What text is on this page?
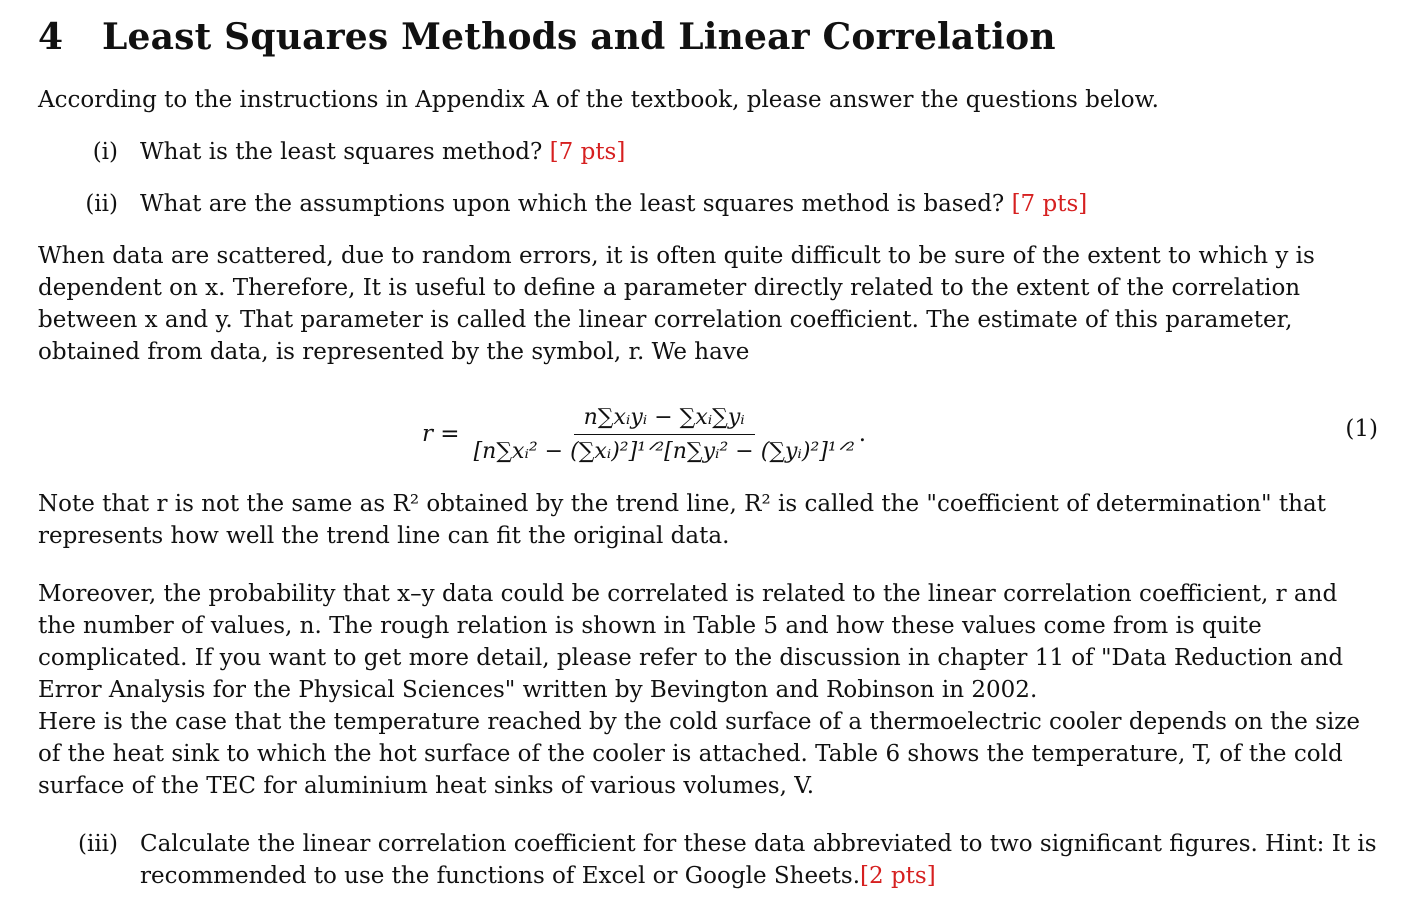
4 Least Squares Methods and Linear Correlation

According to the instructions in Appendix A of the textbook, please answer the questions below.

(i) What is the least squares method? [7 pts]
(ii) What are the assumptions upon which the least squares method is based? [7 pts]

When data are scattered, due to random errors, it is often quite difficult to be sure of the extent to which y is dependent on x. Therefore, It is useful to define a parameter directly related to the extent of the correlation between x and y. That parameter is called the linear correlation coefficient. The estimate of this parameter, obtained from data, is represented by the symbol, r. We have

$r = \frac{\text{n∑xᵢyᵢ − ∑xᵢ∑yᵢ}}{\text{[n∑xᵢ² − (∑xᵢ)²]¹ᐟ²[n∑yᵢ² − (∑yᵢ)²]¹ᐟ²}}$ .	(1)

Note that r is not the same as R² obtained by the trend line, R² is called the "coefficient of determination" that represents how well the trend line can fit the original data.

Moreover, the probability that x–y data could be correlated is related to the linear correlation coefficient, r and the number of values, n. The rough relation is shown in Table 5 and how these values come from is quite complicated. If you want to get more detail, please refer to the discussion in chapter 11 of "Data Reduction and Error Analysis for the Physical Sciences" written by Bevington and Robinson in 2002.

Here is the case that the temperature reached by the cold surface of a thermoelectric cooler depends on the size of the heat sink to which the hot surface of the cooler is attached. Table 6 shows the temperature, T, of the cold surface of the TEC for aluminium heat sinks of various volumes, V.

(iii) Calculate the linear correlation coefficient for these data abbreviated to two significant figures. Hint: It is recommended to use the functions of Excel or Google Sheets.[2 pts]
